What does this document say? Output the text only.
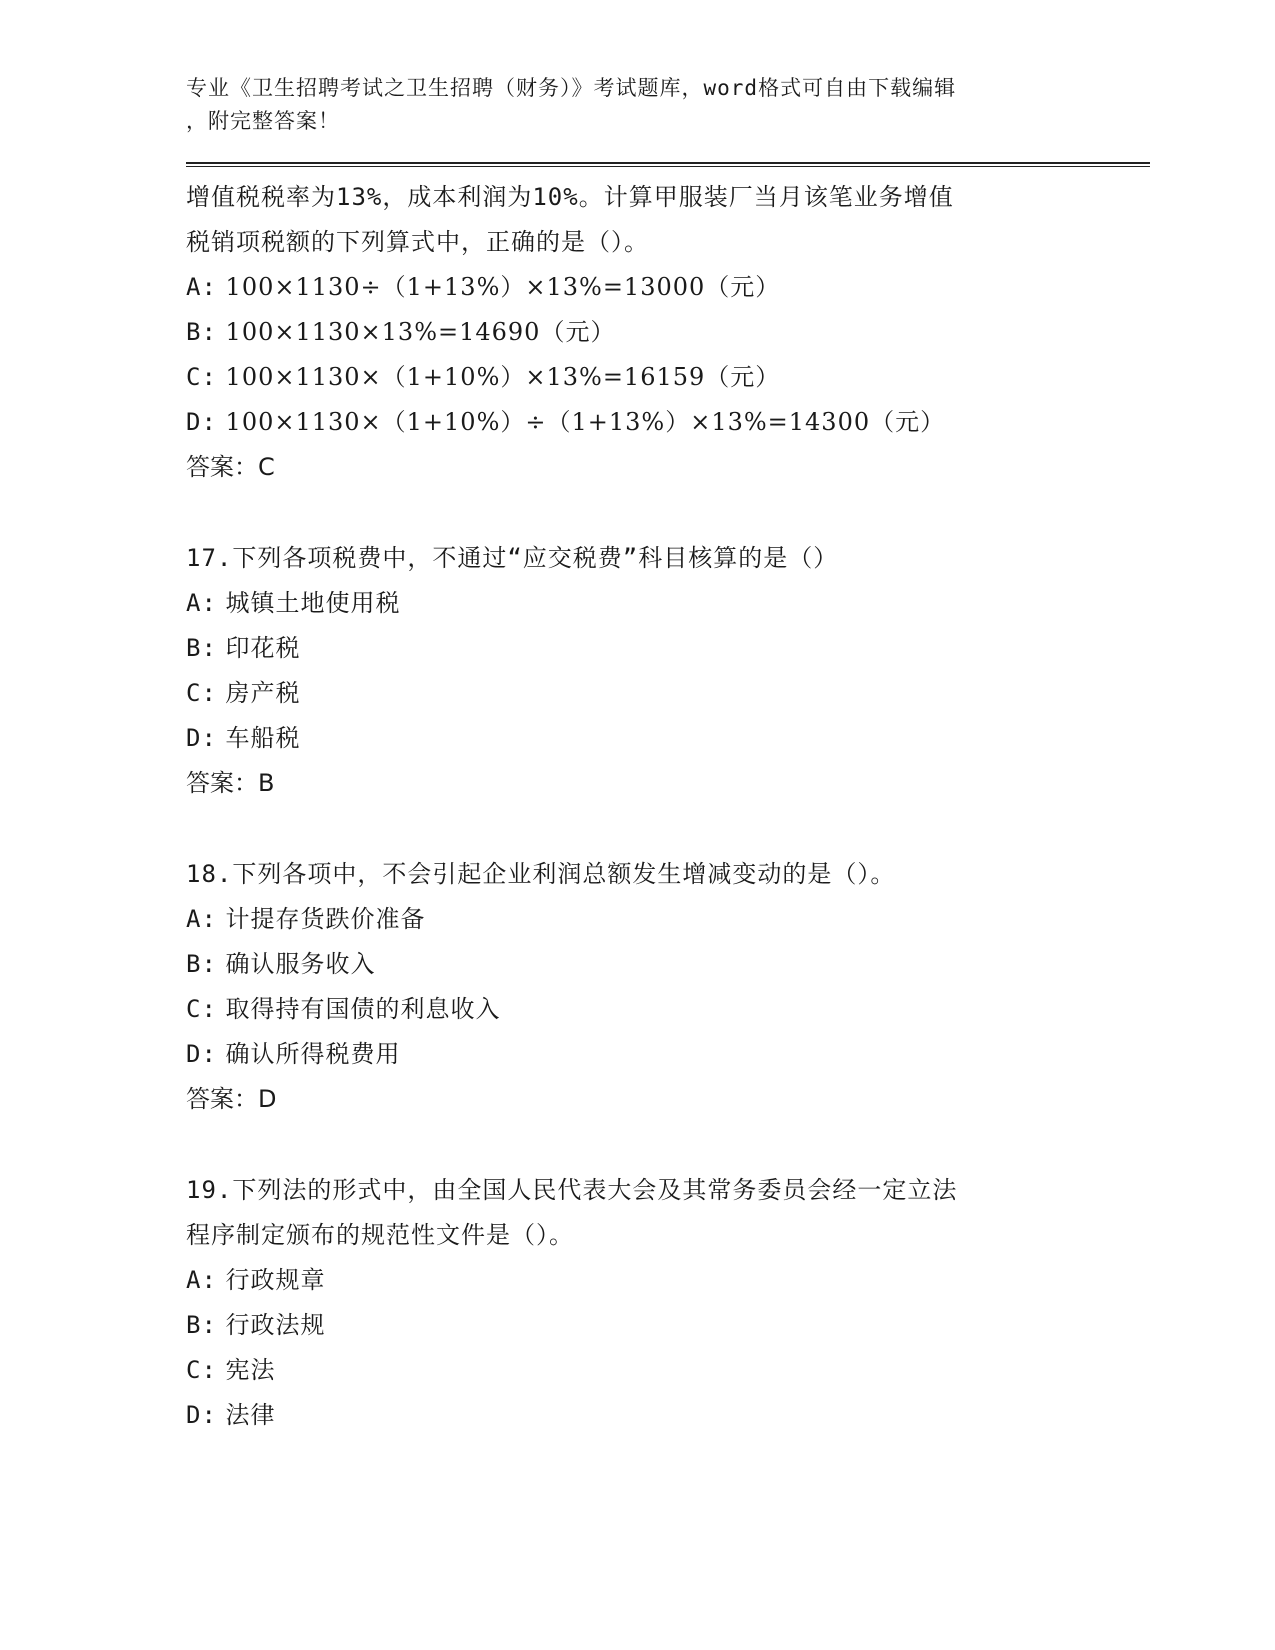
专业《卫生招聘考试之卫生招聘（财务）》考试题库，word格式可自由下载编辑
，附完整答案！
增值税税率为13%，成本利润为10%。计算甲服装厂当月该笔业务增值
税销项税额的下列算式中，正确的是（）。
A: 100×1130÷（1+13%）×13%=13000（元）
B: 100×1130×13%=14690（元）
C: 100×1130×（1+10%）×13%=16159（元）
D: 100×1130×（1+10%）÷（1+13%）×13%=14300（元）
答案：C
17.下列各项税费中，不通过“应交税费”科目核算的是（）
A: 城镇土地使用税
B: 印花税
C: 房产税
D: 车船税
答案：B
18.下列各项中，不会引起企业利润总额发生增减变动的是（）。
A: 计提存货跌价准备
B: 确认服务收入
C: 取得持有国债的利息收入
D: 确认所得税费用
答案：D
19.下列法的形式中，由全国人民代表大会及其常务委员会经一定立法
程序制定颁布的规范性文件是（）。
A: 行政规章
B: 行政法规
C: 宪法
D: 法律
